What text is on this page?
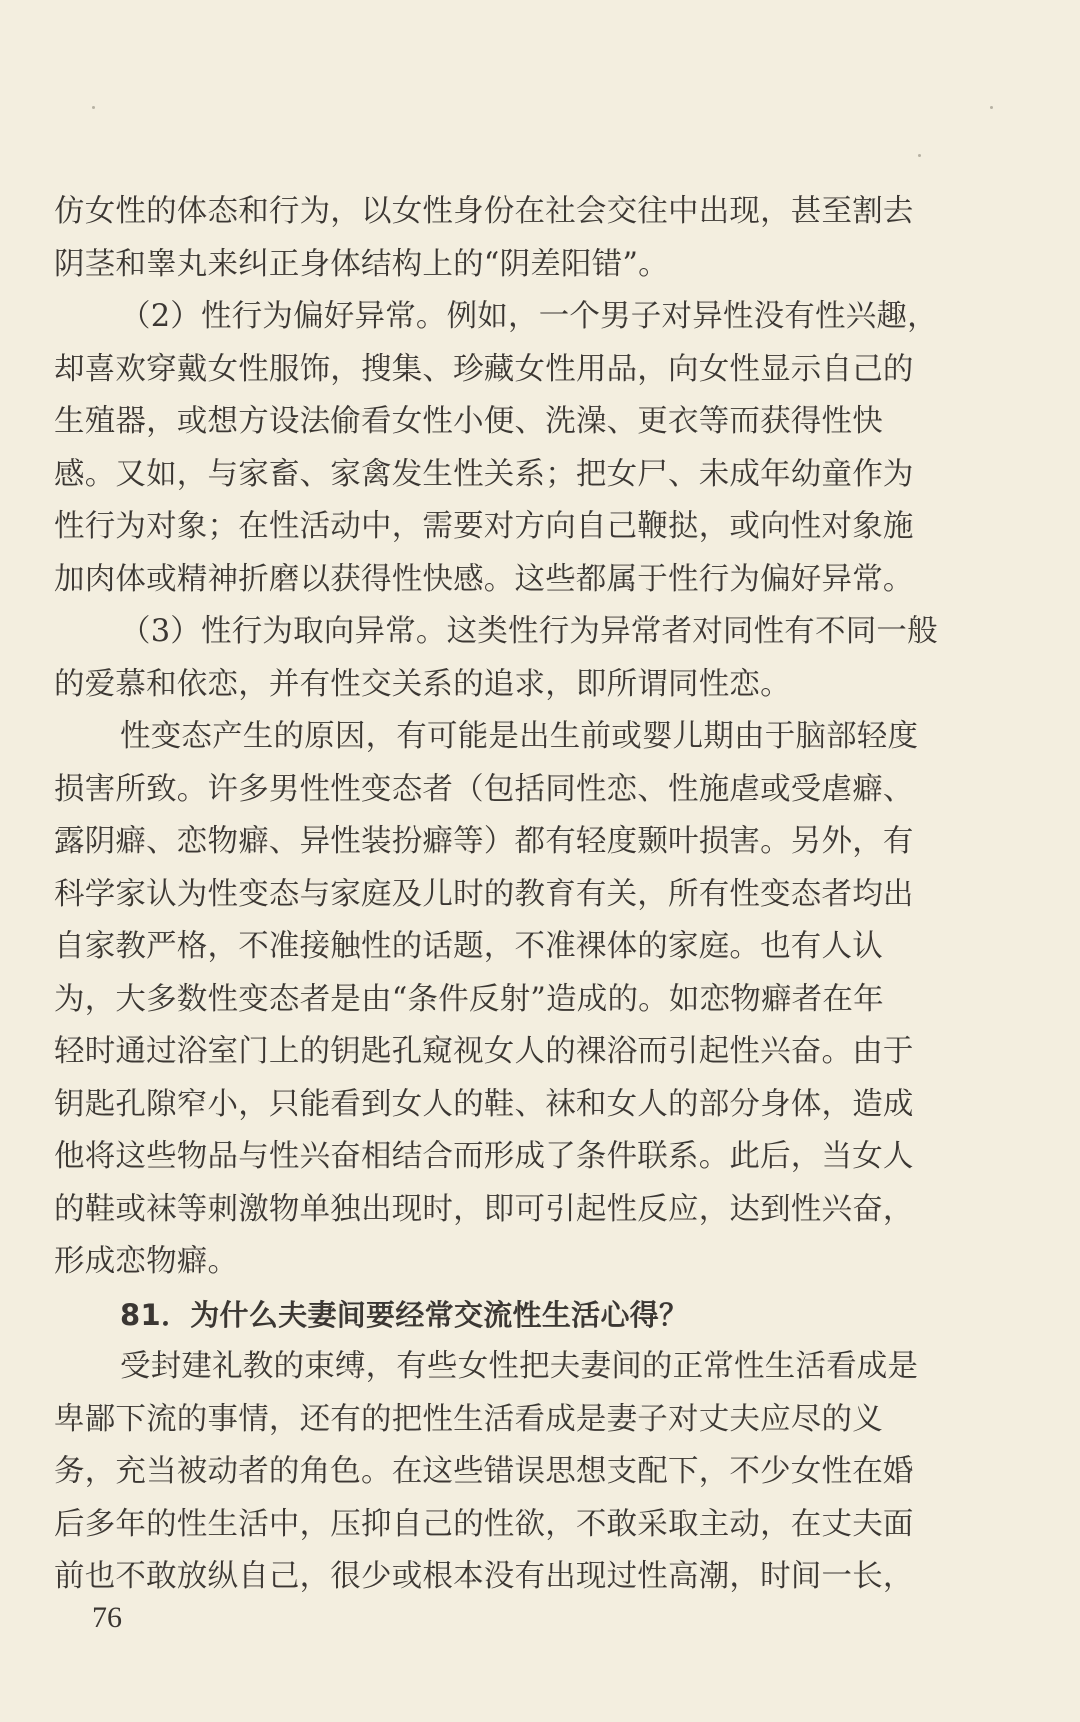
仿女性的体态和行为，以女性身份在社会交往中出现，甚至割去
阴茎和睾丸来纠正身体结构上的“阴差阳错”。
（2）性行为偏好异常。例如，一个男子对异性没有性兴趣，
却喜欢穿戴女性服饰，搜集、珍藏女性用品，向女性显示自己的
生殖器，或想方设法偷看女性小便、洗澡、更衣等而获得性快
感。又如，与家畜、家禽发生性关系；把女尸、未成年幼童作为
性行为对象；在性活动中，需要对方向自己鞭挞，或向性对象施
加肉体或精神折磨以获得性快感。这些都属于性行为偏好异常。
（3）性行为取向异常。这类性行为异常者对同性有不同一般
的爱慕和依恋，并有性交关系的追求，即所谓同性恋。
性变态产生的原因，有可能是出生前或婴儿期由于脑部轻度
损害所致。许多男性性变态者（包括同性恋、性施虐或受虐癖、
露阴癖、恋物癖、异性装扮癖等）都有轻度颞叶损害。另外，有
科学家认为性变态与家庭及儿时的教育有关，所有性变态者均出
自家教严格，不准接触性的话题，不准裸体的家庭。也有人认
为，大多数性变态者是由“条件反射”造成的。如恋物癖者在年
轻时通过浴室门上的钥匙孔窥视女人的裸浴而引起性兴奋。由于
钥匙孔隙窄小，只能看到女人的鞋、袜和女人的部分身体，造成
他将这些物品与性兴奋相结合而形成了条件联系。此后，当女人
的鞋或袜等刺激物单独出现时，即可引起性反应，达到性兴奋，
形成恋物癖。
81．为什么夫妻间要经常交流性生活心得？
受封建礼教的束缚，有些女性把夫妻间的正常性生活看成是
卑鄙下流的事情，还有的把性生活看成是妻子对丈夫应尽的义
务，充当被动者的角色。在这些错误思想支配下，不少女性在婚
后多年的性生活中，压抑自己的性欲，不敢采取主动，在丈夫面
前也不敢放纵自己，很少或根本没有出现过性高潮，时间一长，
76
